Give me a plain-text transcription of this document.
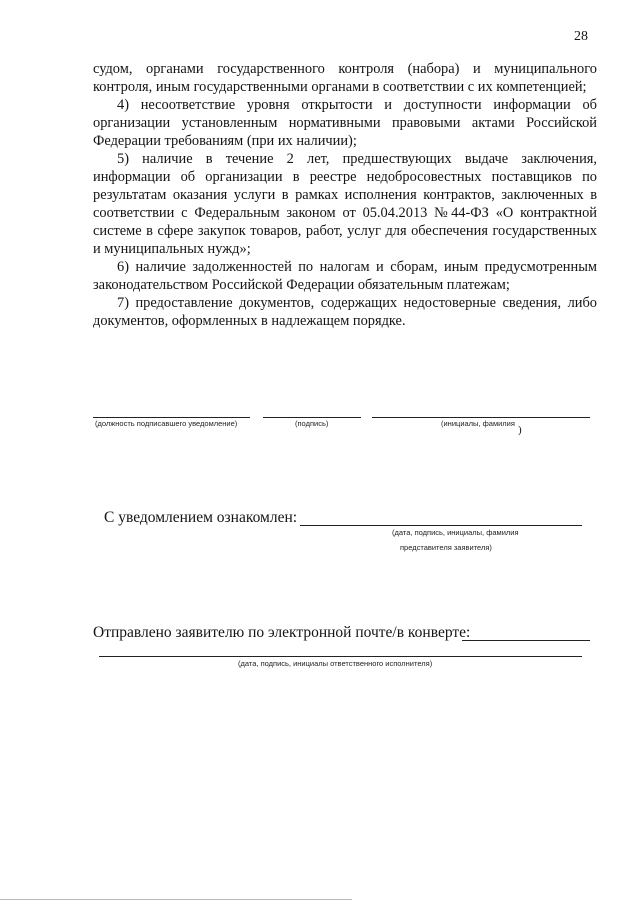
28

судом, органами государственного контроля (набора) и муниципального контроля, иным государственными органами в соответствии с их компетенцией;

4) несоответствие уровня открытости и доступности информации об организации установленным нормативными правовыми актами Российской Федерации требованиям (при их наличии);

5) наличие в течение 2 лет, предшествующих выдаче заключения, информации об организации в реестре недобросовестных поставщиков по результатам оказания услуги в рамках исполнения контрактов, заключенных в соответствии с Федеральным законом от 05.04.2013 №44-ФЗ «О контрактной системе в сфере закупок товаров, работ, услуг для обеспечения государственных и муниципальных нужд»;

6) наличие задолженностей по налогам и сборам, иным предусмотренным законодательством Российской Федерации обязательным платежам;

7) предоставление документов, содержащих недостоверные сведения, либо документов, оформленных в надлежащем порядке.

(должность подписавшего уведомление)	(подпись)	(инициалы, фамилия
)
С уведомлением ознакомлен:
(дата, подпись, инициалы, фамилия
представителя заявителя)
Отправлено заявителю по электронной почте/в конверте:
(дата, подпись, инициалы ответственного исполнителя)
